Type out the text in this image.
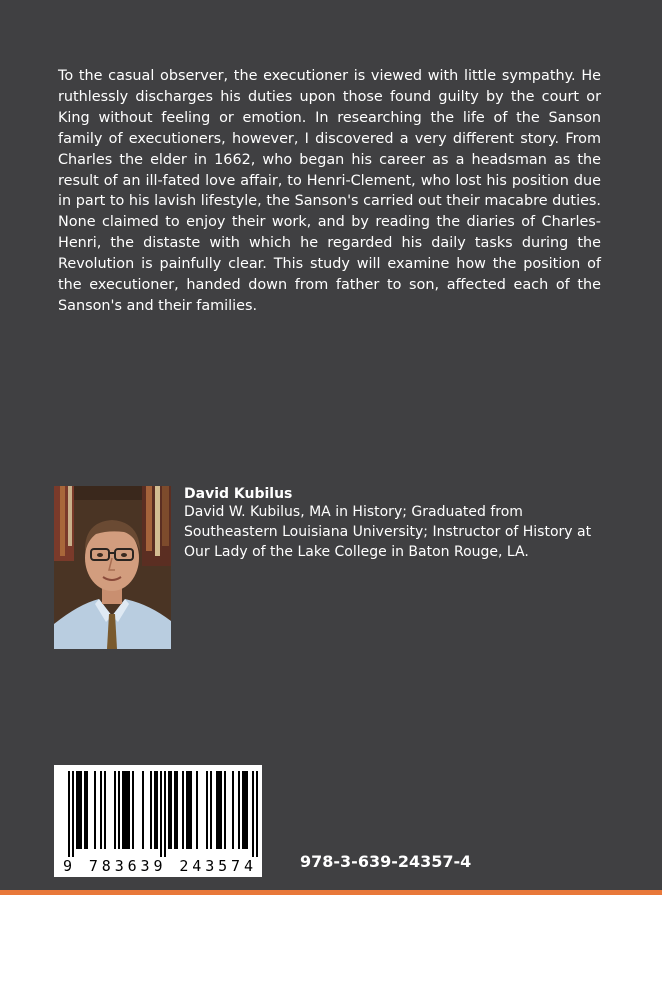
To the casual observer, the executioner is viewed with little sympathy. He ruthlessly discharges his duties upon those found guilty by the court or King without feeling or emotion. In researching the life of the Sanson family of executioners, however, I discovered a very different story. From Charles the elder in 1662, who began his career as a headsman as the result of an ill-fated love affair, to Henri-Clement, who lost his position due in part to his lavish lifestyle, the Sanson's carried out their macabre duties. None claimed to enjoy their work, and by reading the diaries of Charles-Henri, the distaste with which he regarded his daily tasks during the Revolution is painfully clear. This study will examine how the position of the executioner, handed down from father to son, affected each of the Sanson's and their families.

David Kubilus

David W. Kubilus, MA in History; Graduated from Southeastern Louisiana University; Instructor of History at Our Lady of the Lake College in Baton Rouge, LA.

9 783639 243574	978-3-639-24357-4
